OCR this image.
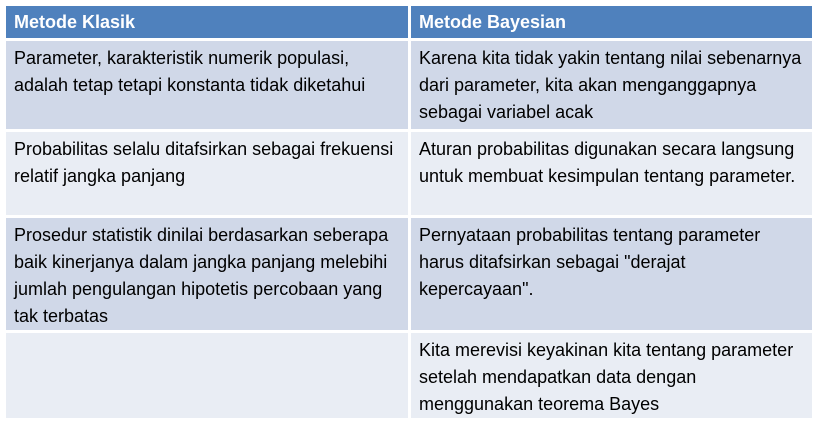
Metode Klasik	Metode Bayesian

Parameter, karakteristik numerik populasi, adalah tetap tetapi konstanta tidak diketahui	Karena kita tidak yakin tentang nilai sebenarnya dari parameter, kita akan menganggapnya sebagai variabel acak

Probabilitas selalu ditafsirkan sebagai frekuensi relatif jangka panjang	Aturan probabilitas digunakan secara langsung untuk membuat kesimpulan tentang parameter.

Prosedur statistik dinilai berdasarkan seberapa baik kinerjanya dalam jangka panjang melebihi jumlah pengulangan hipotetis percobaan yang tak terbatas	Pernyataan probabilitas tentang parameter harus ditafsirkan sebagai "derajat kepercayaan".

	Kita merevisi keyakinan kita tentang parameter setelah mendapatkan data dengan menggunakan teorema Bayes
